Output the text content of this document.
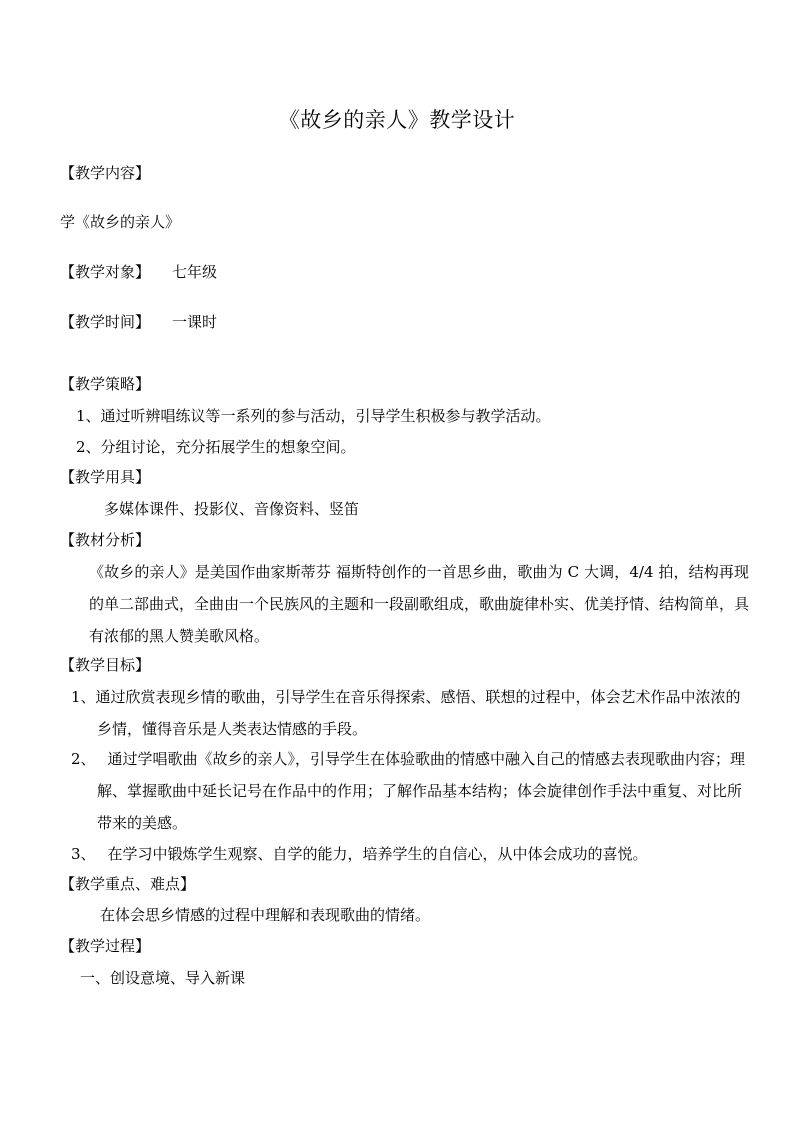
《故乡的亲人》教学设计
【教学内容】
学《故乡的亲人》
【教学对象】 七年级
【教学时间】 一课时
【教学策略】
1、通过听辨唱练议等一系列的参与活动，引导学生积极参与教学活动。
2、分组讨论，充分拓展学生的想象空间。
【教学用具】
多媒体课件、投影仪、音像资料、竖笛
【教材分析】
《故乡的亲人》是美国作曲家斯蒂芬 福斯特创作的一首思乡曲，歌曲为 C 大调，4/4 拍，结构再现的单二部曲式，全曲由一个民族风的主题和一段副歌组成，歌曲旋律朴实、优美抒情、结构简单，具有浓郁的黑人赞美歌风格。
【教学目标】
1、通过欣赏表现乡情的歌曲，引导学生在音乐得探索、感悟、联想的过程中，体会艺术作品中浓浓的乡情，懂得音乐是人类表达情感的手段。
2、 通过学唱歌曲《故乡的亲人》，引导学生在体验歌曲的情感中融入自己的情感去表现歌曲内容；理解、掌握歌曲中延长记号在作品中的作用；了解作品基本结构；体会旋律创作手法中重复、对比所带来的美感。
3、 在学习中锻炼学生观察、自学的能力，培养学生的自信心，从中体会成功的喜悦。
【教学重点、难点】
在体会思乡情感的过程中理解和表现歌曲的情绪。
【教学过程】
一、创设意境、导入新课
